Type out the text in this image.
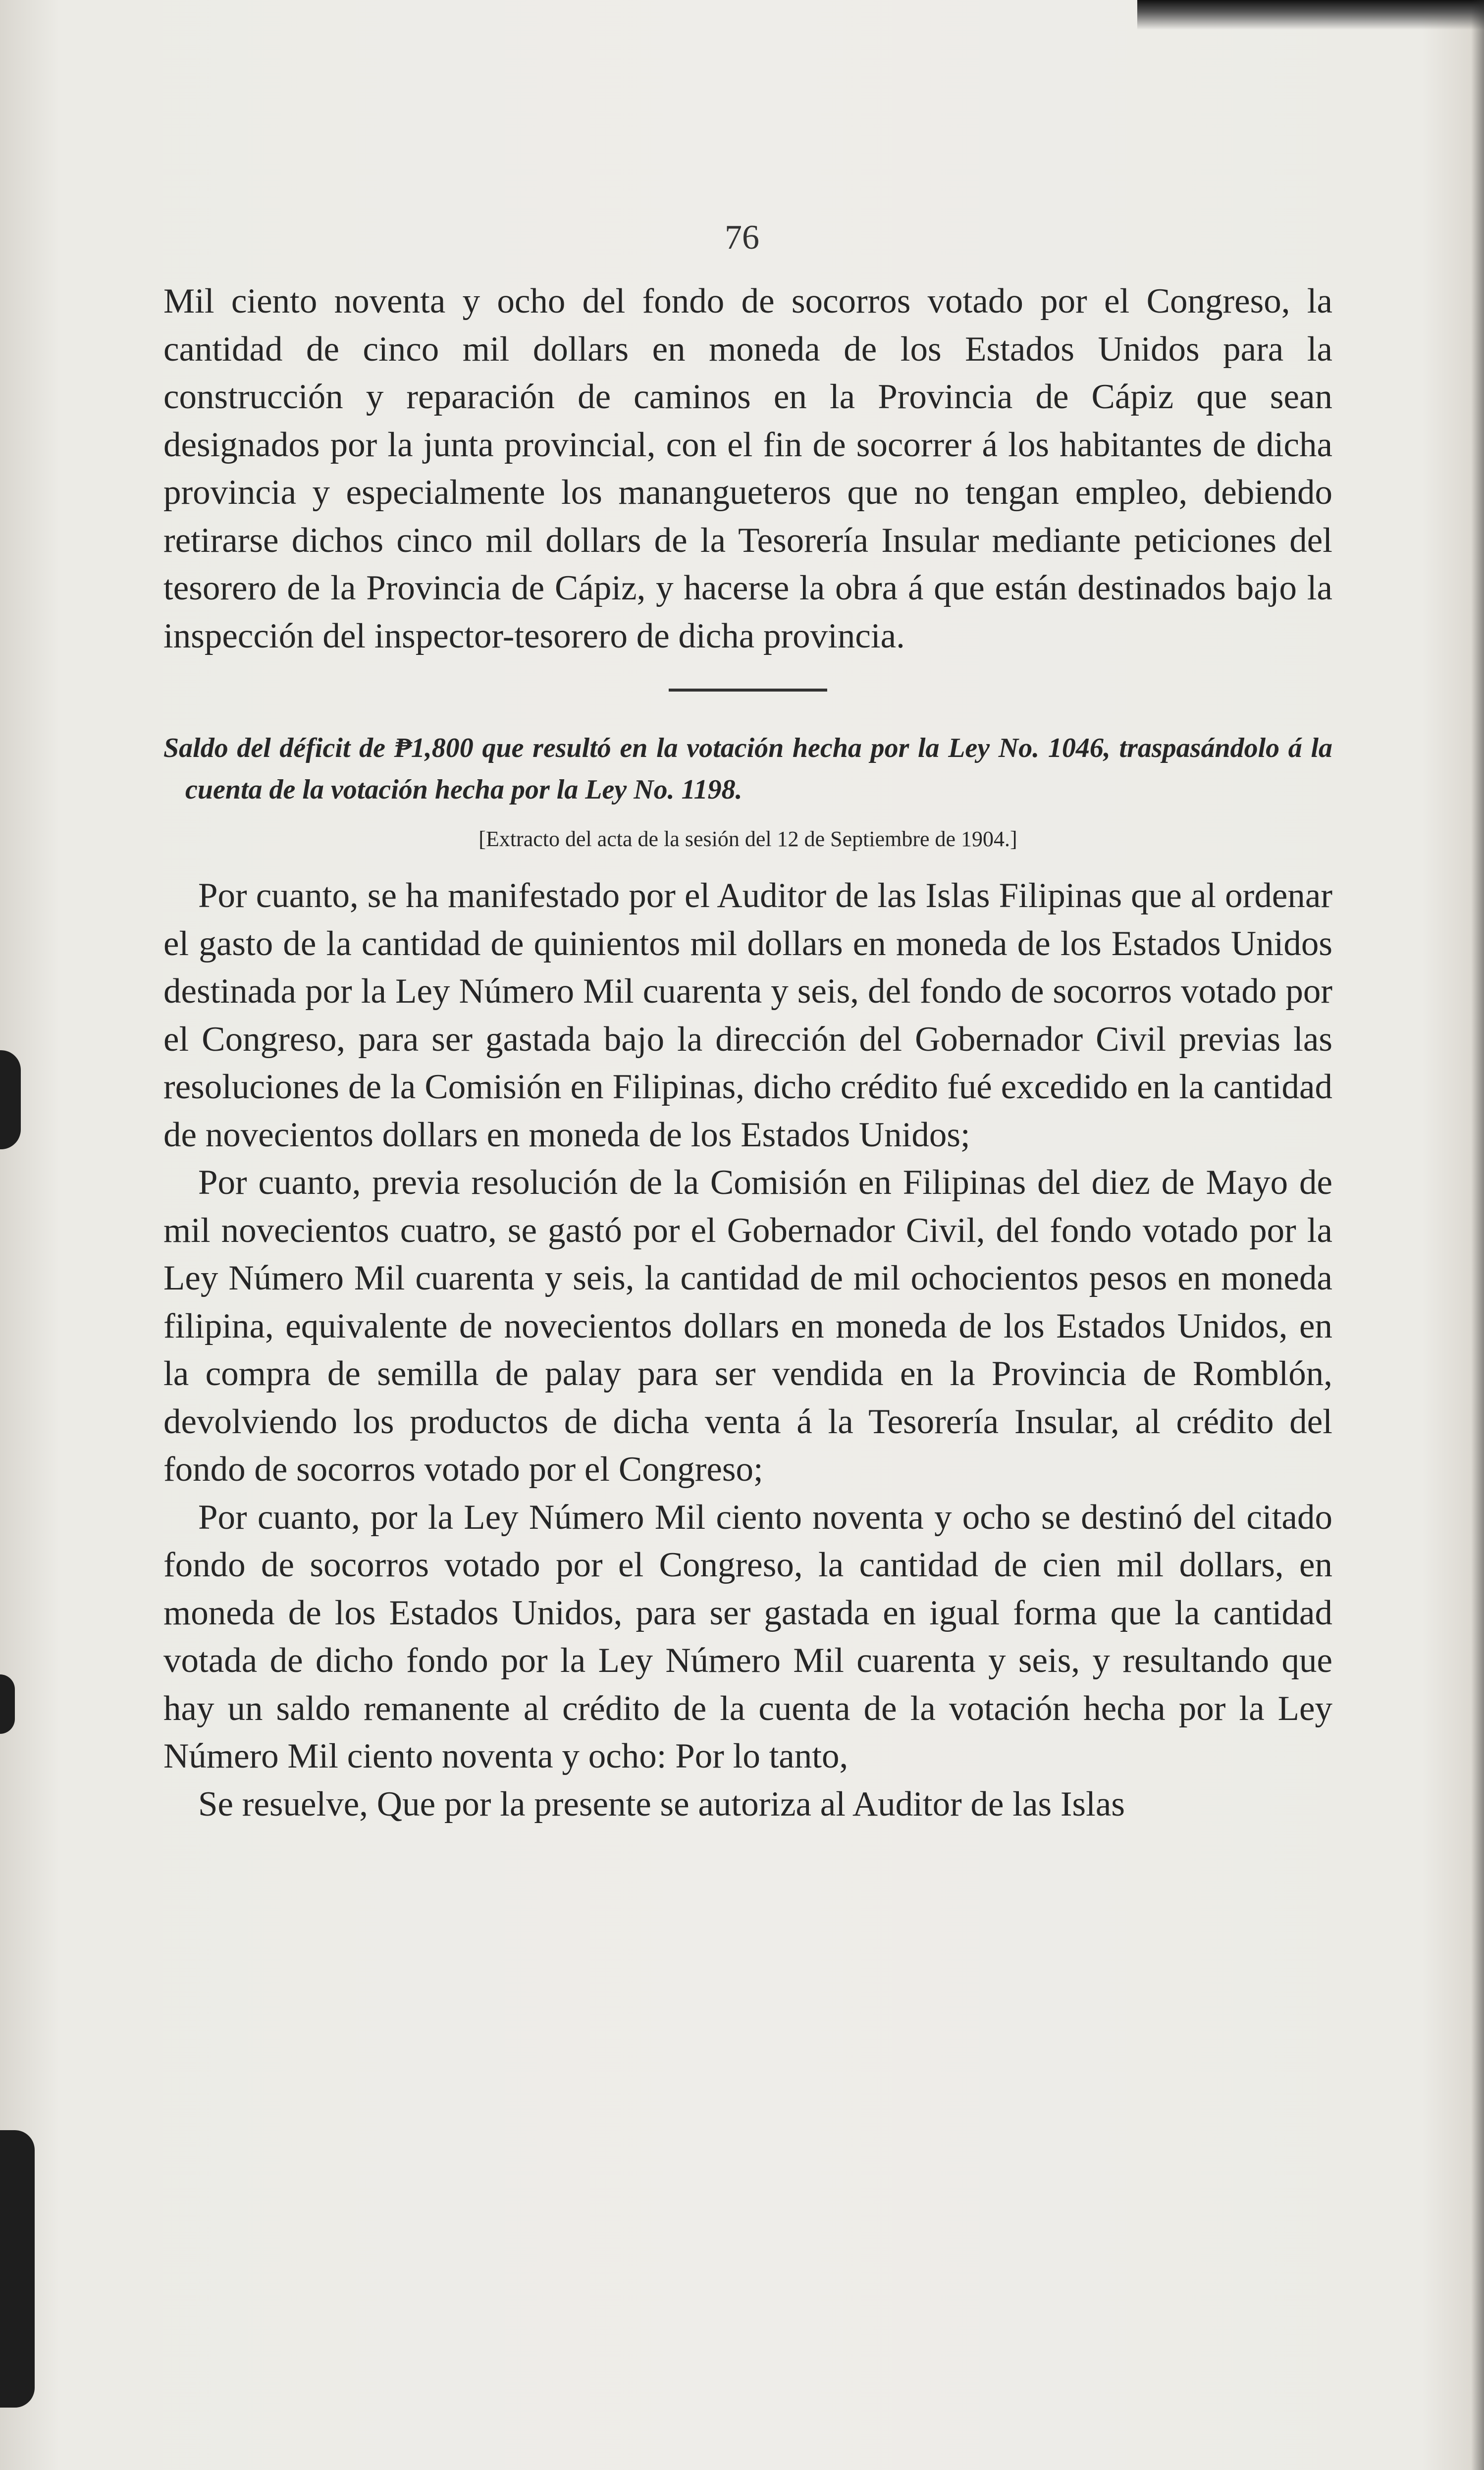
76

Mil ciento noventa y ocho del fondo de socorros votado por el Congreso, la cantidad de cinco mil dollars en moneda de los Estados Unidos para la construcción y reparación de caminos en la Provincia de Cápiz que sean designados por la junta provincial, con el fin de socorrer á los habitantes de dicha provincia y especialmente los manangueteros que no tengan empleo, debiendo retirarse dichos cinco mil dollars de la Tesorería Insular mediante peticiones del tesorero de la Provincia de Cápiz, y hacerse la obra á que están destinados bajo la inspección del inspector-tesorero de dicha provincia.

Saldo del déficit de ₱1,800 que resultó en la votación hecha por la Ley No. 1046, traspasándolo á la cuenta de la votación hecha por la Ley No. 1198.

[Extracto del acta de la sesión del 12 de Septiembre de 1904.]

Por cuanto, se ha manifestado por el Auditor de las Islas Filipinas que al ordenar el gasto de la cantidad de quinientos mil dollars en moneda de los Estados Unidos destinada por la Ley Número Mil cuarenta y seis, del fondo de socorros votado por el Congreso, para ser gastada bajo la dirección del Gobernador Civil previas las resoluciones de la Comisión en Filipinas, dicho crédito fué excedido en la cantidad de novecientos dollars en moneda de los Estados Unidos;

Por cuanto, previa resolución de la Comisión en Filipinas del diez de Mayo de mil novecientos cuatro, se gastó por el Gobernador Civil, del fondo votado por la Ley Número Mil cuarenta y seis, la cantidad de mil ochocientos pesos en moneda filipina, equivalente de novecientos dollars en moneda de los Estados Unidos, en la compra de semilla de palay para ser vendida en la Provincia de Romblón, devolviendo los productos de dicha venta á la Tesorería Insular, al crédito del fondo de socorros votado por el Congreso;

Por cuanto, por la Ley Número Mil ciento noventa y ocho se destinó del citado fondo de socorros votado por el Congreso, la cantidad de cien mil dollars, en moneda de los Estados Unidos, para ser gastada en igual forma que la cantidad votada de dicho fondo por la Ley Número Mil cuarenta y seis, y resultando que hay un saldo remanente al crédito de la cuenta de la votación hecha por la Ley Número Mil ciento noventa y ocho: Por lo tanto,

Se resuelve, Que por la presente se autoriza al Auditor de las Islas
